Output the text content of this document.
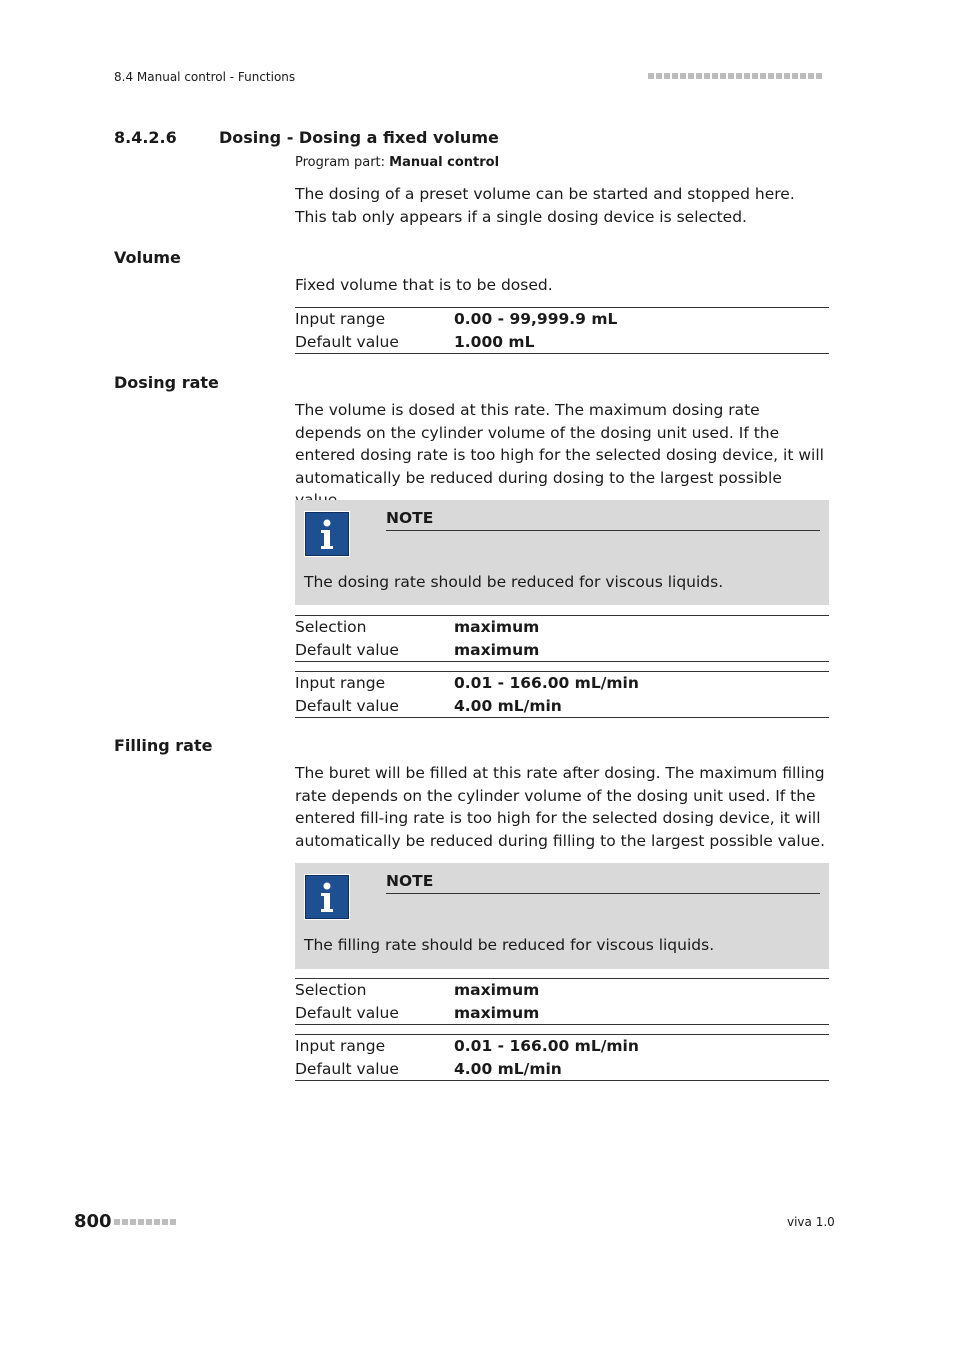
8.4 Manual control - Functions
8.4.2.6	Dosing - Dosing a fixed volume
Program part: Manual control
The dosing of a preset volume can be started and stopped here. This tab only appears if a single dosing device is selected.
Volume
Fixed volume that is to be dosed.
Input range	0.00 - 99,999.9 mL
Default value	1.000 mL
Dosing rate
The volume is dosed at this rate. The maximum dosing rate depends on the cylinder volume of the dosing unit used. If the entered dosing rate is too high for the selected dosing device, it will automatically be reduced during dosing to the largest possible
NOTE
The dosing rate should be reduced for viscous liquids.
Selection	maximum
Default value	maximum
Input range	0.01 - 166.00 mL/min
Default value	4.00 mL/min
Filling rate
The buret will be filled at this rate after dosing. The maximum filling rate depends on the cylinder volume of the dosing unit used. If the entered fill-ing rate is too high for the selected dosing device, it will automatically be reduced during filling to the largest possible value.
NOTE
The filling rate should be reduced for viscous liquids.
Selection	maximum
Default value	maximum
Input range	0.01 - 166.00 mL/min
Default value	4.00 mL/min
800	viva 1.0
